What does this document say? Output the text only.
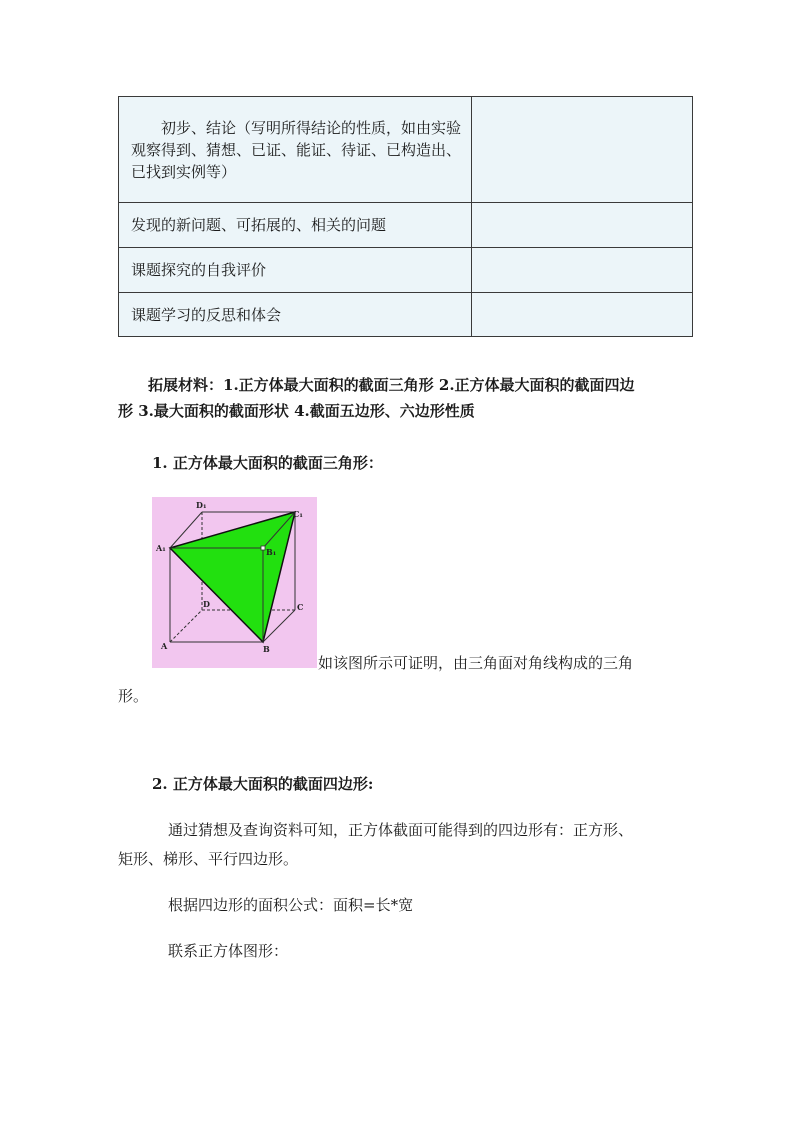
初步、结论（写明所得结论的性质，如由实验观察得到、猜想、已证、能证、待证、已构造出、已找到实例等）	
发现的新问题、可拓展的、相关的问题	
课题探究的自我评价	
课题学习的反思和体会	
拓展材料：1.正方体最大面积的截面三角形 2.正方体最大面积的截面四边
形 3.最大面积的截面形状 4.截面五边形、六边形性质
1. 正方体最大面积的截面三角形：
D₁
C₁
A₁	B₁
D	C
A	B
如该图所示可证明，由三角面对角线构成的三角
形。
2. 正方体最大面积的截面四边形:
通过猜想及查询资料可知，正方体截面可能得到的四边形有：正方形、
矩形、梯形、平行四边形。
根据四边形的面积公式：面积=长*宽
联系正方体图形：
